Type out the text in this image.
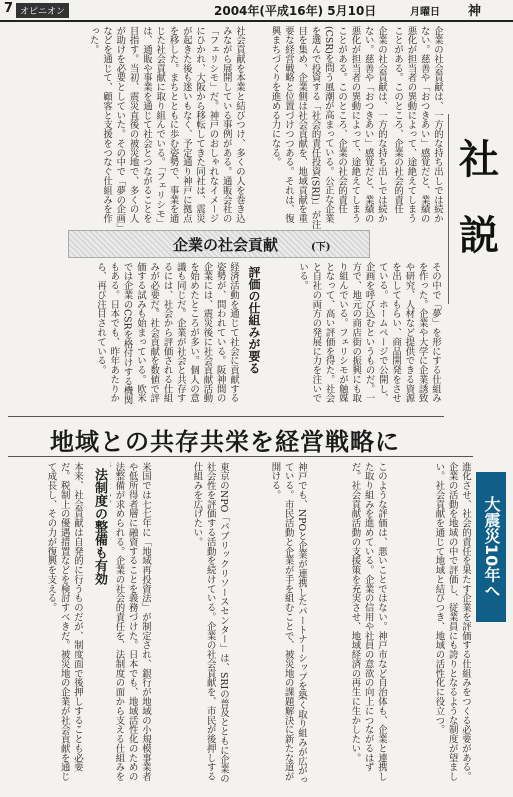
7 オピニオン	2004年(平成16年) 5月10日	月曜日 神
社
説
企業の社会貢献は、一方的な持ち出しでは続かない。慈善や「おつきあい」感覚だと、業績の悪化が担当者の異動によって、途絶えてしまうことがある。このところ、企業の社会的責任
企業の社会貢献は、一方的な持ち出しでは続かない。慈善や「おつきあい」感覚だと、業績の悪化が担当者の異動によって、途絶えてしまうことがある。このところ、企業の社会的責任(CSR)を問う風潮が高まっている。公正な企業を選んで投資する「社会的責任投資(SRI)」が注目を集め、企業側は社会貢献を、地域貢献を重要な経営戦略と位置づけつつある。それは、復興まちづくりを進める力になる。
社会貢献を本業と結びつけ、多くの人を巻き込みながら展開している事例がある。通販会社の「フェリシモ」だ。神戸のおしゃれなイメージにひかれ、大阪から移転してきた同社は、震災が起きた後も迷いもなく、予定通り神戸に拠点を移した。まちとともに歩む姿勢で、事業を通じた社会貢献に取り組んでいる。「フェリシモ」は、通販や事業を通じて社会とつながることを目指す。当初、震災直後の被災地で、多くの人が助けを必要としていた。その中で「夢の企画」などを通じて、顧客と支援をつなぐ仕組みを作った。
企業の社会貢献	(下)
その中で「夢」を形にする仕組みを作った。企業や大学に企業誘致や研究、人材など提供できる資源を出してもらい、商品開発をさせている。ホームページで公開し、企画を呼び込むというものだ。一方で、地元の商店街の振興にも取り組んでいる。フェリシモが触媒となって、高い評価を得た。社会と自社の両方の発展に力を注いでいる。
評価の仕組みが要る
経済活動を通じて社会に貢献する姿勢が、問われている。阪神間の企業には、震災後に社会貢献活動を始めたところが多い。個人の意識も同じだ。企業が社会と共存するには、社会から評価される仕組みが必要だ。社会貢献を数値で評価する試みも始まっている。欧米では企業のCSRを格付けする機関もある。日本でも、昨年あたりから、再び注目されている。
地域との共存共栄を経営戦略に
大震災10年へ
進化させ、社会的責任を果たす企業を評価する仕組みをつくる必要がある。企業の活動を地域の中で評価し、従業員にも誇りとなるような制度が望ましい。社会貢献を通じて地域と結びつき、地域の活性化に役立つ。
このような評価は、悪いことではない。神戸市など自治体も、企業と連携した取り組みを進めている。企業の信用や社員の意欲の向上につながるはずだ。社会貢献活動の支援策を充実させ、地域経済の再生に生かしたい。
神戸でも、NPOと企業が連携したパートナーシップを築く取り組みが広がっている。市民活動と企業が手を組むことで、被災地の課題解決に新たな道が開ける。
東京のNPO「パブリックリソースセンター」は、SRIの普及とともに企業の社会性を評価する活動を続けている。企業の社会貢献を、市民が後押しする仕組みを広げたい。
法制度の整備も有効
本来、社会貢献は自発的に行うものだが、制度面で後押しすることも必要だ。税制上の優遇措置などを検討すべきだ。被災地の企業が社会貢献を通じて成長し、その力が復興を支える。	米国では七七年に「地域再投資法」が制定され、銀行が地域の小規模事業者や低所得者層に融資することを義務づけた。日本でも、地域活性化のための法整備が求められる。企業の社会的責任を、法制度の面から支える仕組みを
